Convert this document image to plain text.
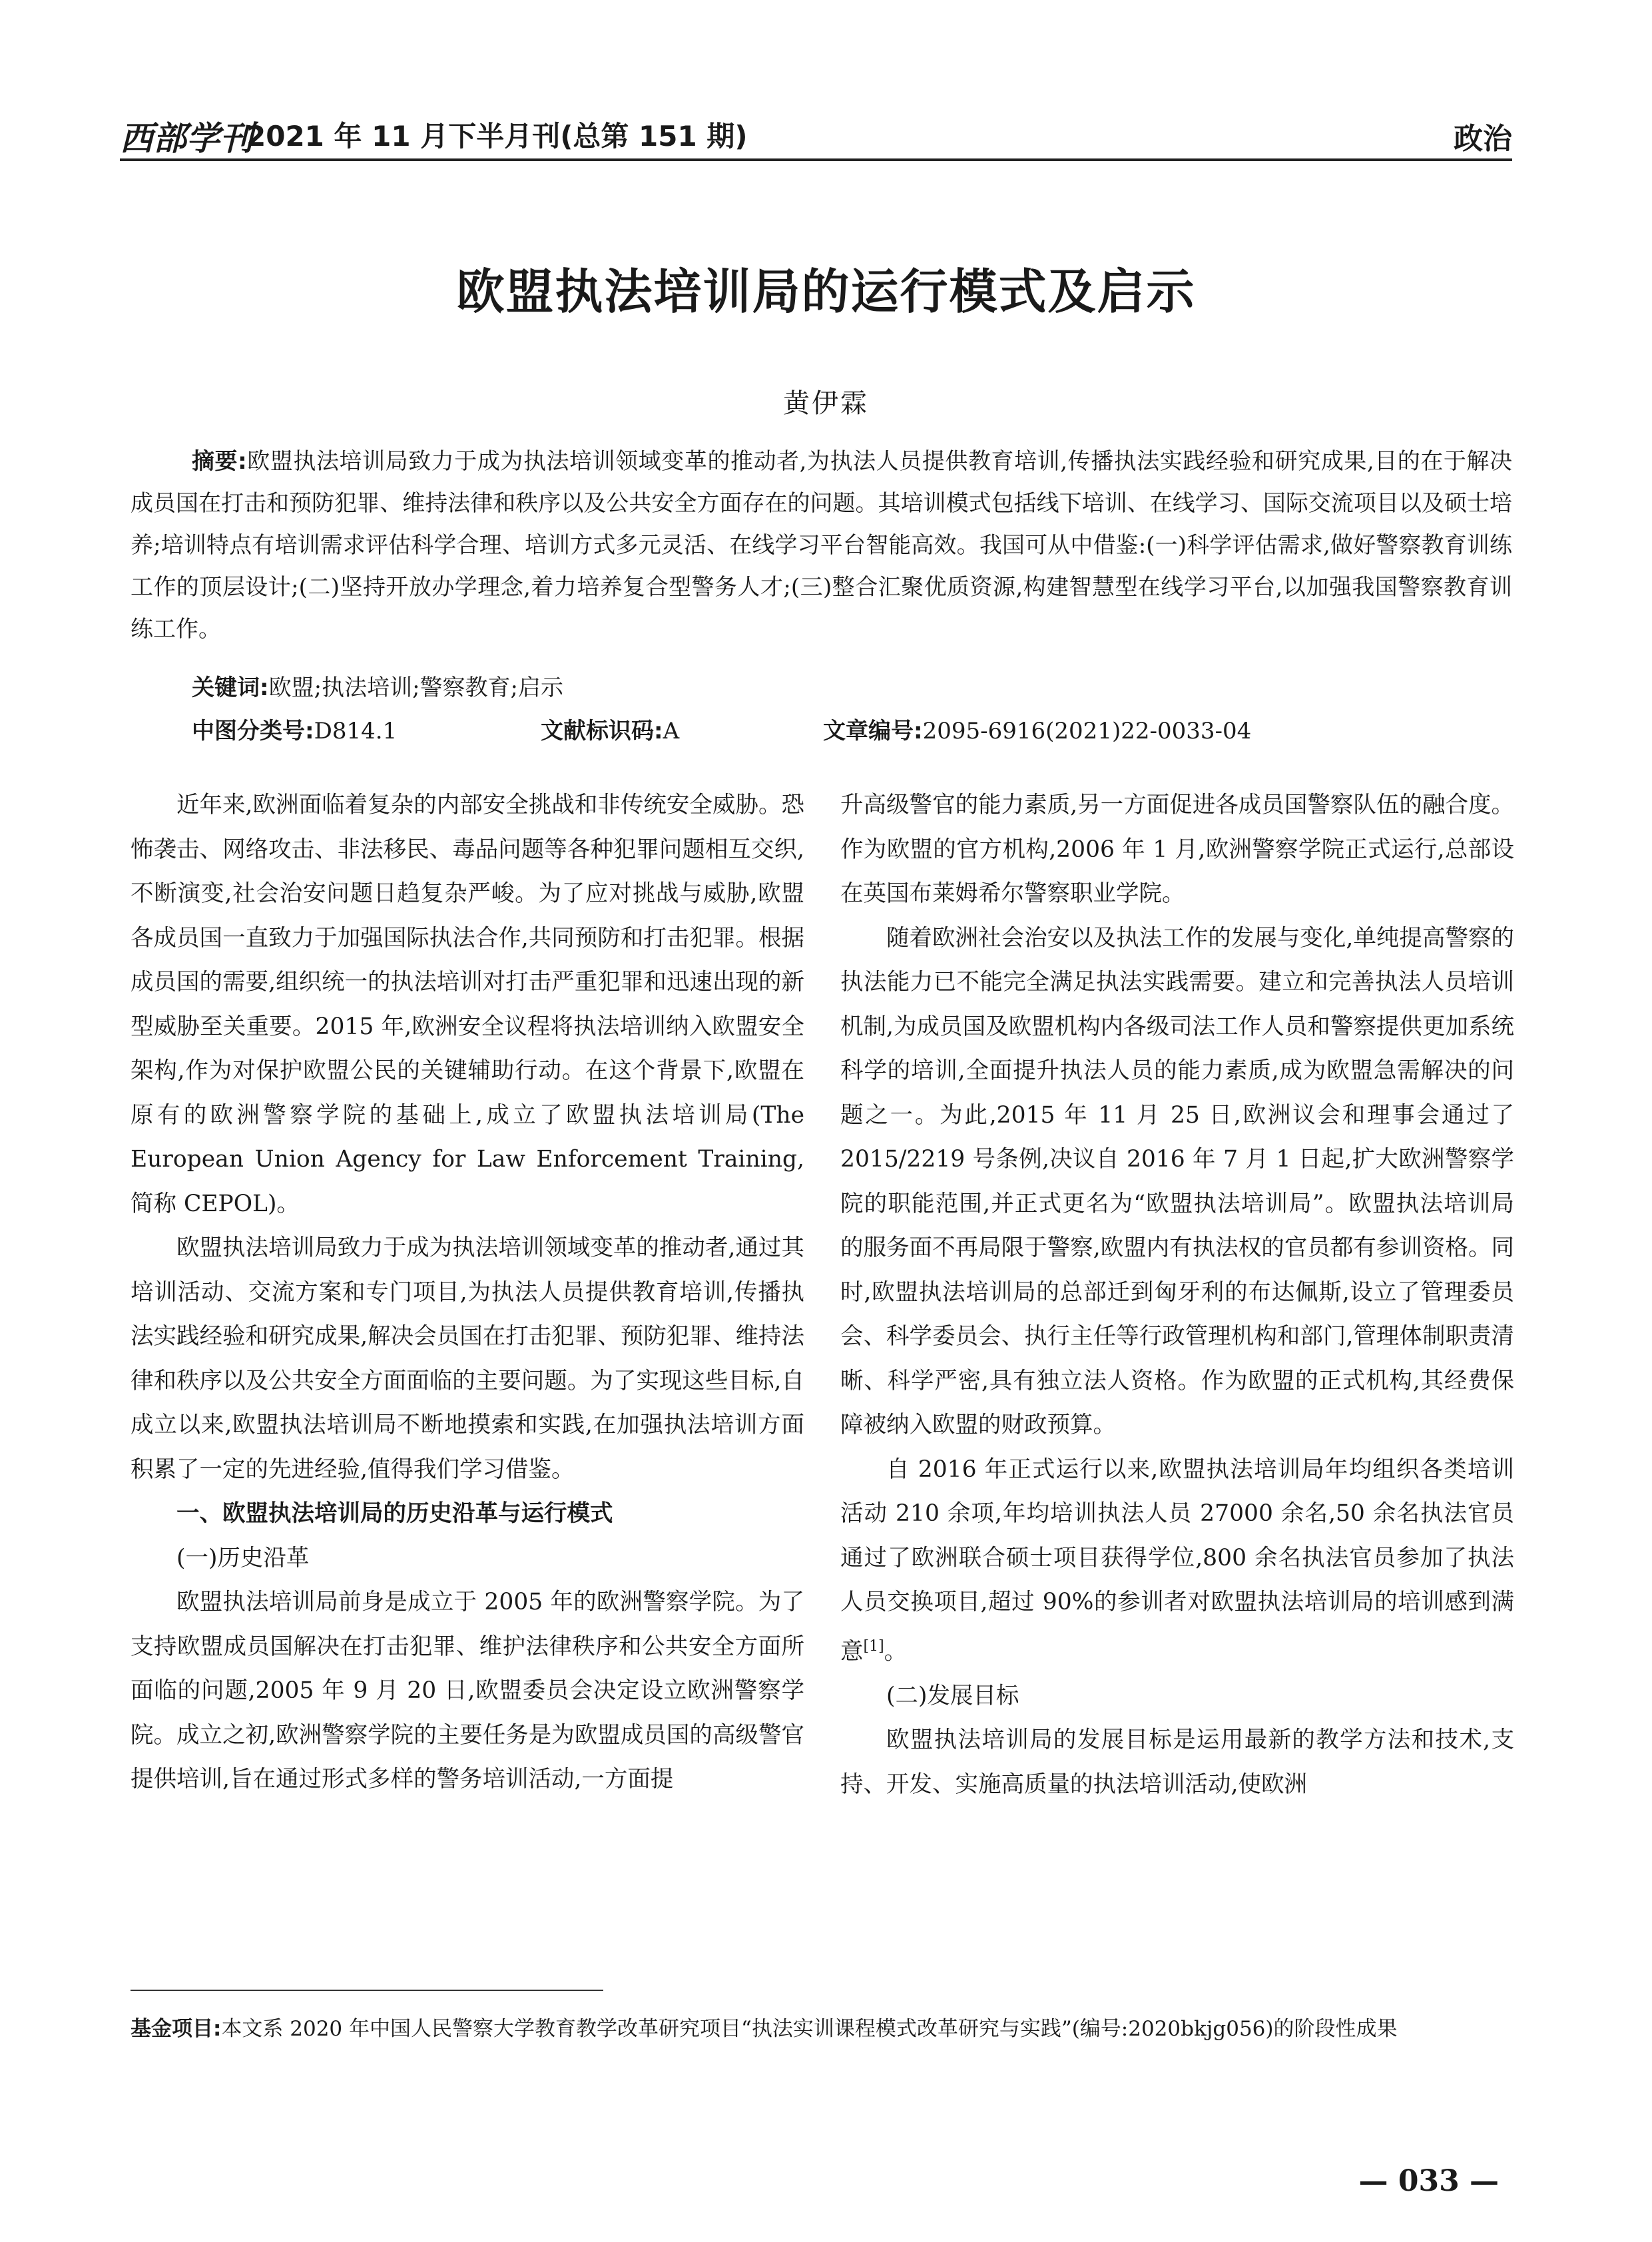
西部学刊
2021 年 11 月下半月刊(总第 151 期)	政治
欧盟执法培训局的运行模式及启示
黄伊霖
摘要:欧盟执法培训局致力于成为执法培训领域变革的推动者,为执法人员提供教育培训,传播执法实践经验和研究成果,目的在于解决成员国在打击和预防犯罪、维持法律和秩序以及公共安全方面存在的问题。其培训模式包括线下培训、在线学习、国际交流项目以及硕士培养;培训特点有培训需求评估科学合理、培训方式多元灵活、在线学习平台智能高效。我国可从中借鉴:(一)科学评估需求,做好警察教育训练工作的顶层设计;(二)坚持开放办学理念,着力培养复合型警务人才;(三)整合汇聚优质资源,构建智慧型在线学习平台,以加强我国警察教育训练工作。
关键词:欧盟;执法培训;警察教育;启示
中图分类号:D814.1	文献标识码:A	文章编号:2095-6916(2021)22-0033-04

近年来,欧洲面临着复杂的内部安全挑战和非传统安全威胁。恐怖袭击、网络攻击、非法移民、毒品问题等各种犯罪问题相互交织,不断演变,社会治安问题日趋复杂严峻。为了应对挑战与威胁,欧盟各成员国一直致力于加强国际执法合作,共同预防和打击犯罪。根据成员国的需要,组织统一的执法培训对打击严重犯罪和迅速出现的新型威胁至关重要。2015 年,欧洲安全议程将执法培训纳入欧盟安全架构,作为对保护欧盟公民的关键辅助行动。在这个背景下,欧盟在原有的欧洲警察学院的基础上,成立了欧盟执法培训局(The European Union Agency for Law Enforcement Training,简称 CEPOL)。

欧盟执法培训局致力于成为执法培训领域变革的推动者,通过其培训活动、交流方案和专门项目,为执法人员提供教育培训,传播执法实践经验和研究成果,解决会员国在打击犯罪、预防犯罪、维持法律和秩序以及公共安全方面面临的主要问题。为了实现这些目标,自成立以来,欧盟执法培训局不断地摸索和实践,在加强执法培训方面积累了一定的先进经验,值得我们学习借鉴。

一、欧盟执法培训局的历史沿革与运行模式
(一)历史沿革

欧盟执法培训局前身是成立于 2005 年的欧洲警察学院。为了支持欧盟成员国解决在打击犯罪、维护法律秩序和公共安全方面所面临的问题,2005 年 9 月 20 日,欧盟委员会决定设立欧洲警察学院。成立之初,欧洲警察学院的主要任务是为欧盟成员国的高级警官提供培训,旨在通过形式多样的警务培训活动,一方面提

升高级警官的能力素质,另一方面促进各成员国警察队伍的融合度。作为欧盟的官方机构,2006 年 1 月,欧洲警察学院正式运行,总部设在英国布莱姆希尔警察职业学院。

随着欧洲社会治安以及执法工作的发展与变化,单纯提高警察的执法能力已不能完全满足执法实践需要。建立和完善执法人员培训机制,为成员国及欧盟机构内各级司法工作人员和警察提供更加系统科学的培训,全面提升执法人员的能力素质,成为欧盟急需解决的问题之一。为此,2015 年 11 月 25 日,欧洲议会和理事会通过了 2015/2219 号条例,决议自 2016 年 7 月 1 日起,扩大欧洲警察学院的职能范围,并正式更名为“欧盟执法培训局”。欧盟执法培训局的服务面不再局限于警察,欧盟内有执法权的官员都有参训资格。同时,欧盟执法培训局的总部迁到匈牙利的布达佩斯,设立了管理委员会、科学委员会、执行主任等行政管理机构和部门,管理体制职责清晰、科学严密,具有独立法人资格。作为欧盟的正式机构,其经费保障被纳入欧盟的财政预算。

自 2016 年正式运行以来,欧盟执法培训局年均组织各类培训活动 210 余项,年均培训执法人员 27000 余名,50 余名执法官员通过了欧洲联合硕士项目获得学位,800 余名执法官员参加了执法人员交换项目,超过 90%的参训者对欧盟执法培训局的培训感到满意[1]。

(二)发展目标

欧盟执法培训局的发展目标是运用最新的教学方法和技术,支持、开发、实施高质量的执法培训活动,使欧洲

基金项目:本文系 2020 年中国人民警察大学教育教学改革研究项目“执法实训课程模式改革研究与实践”(编号:2020bkjg056)的阶段性成果
— 033 —
